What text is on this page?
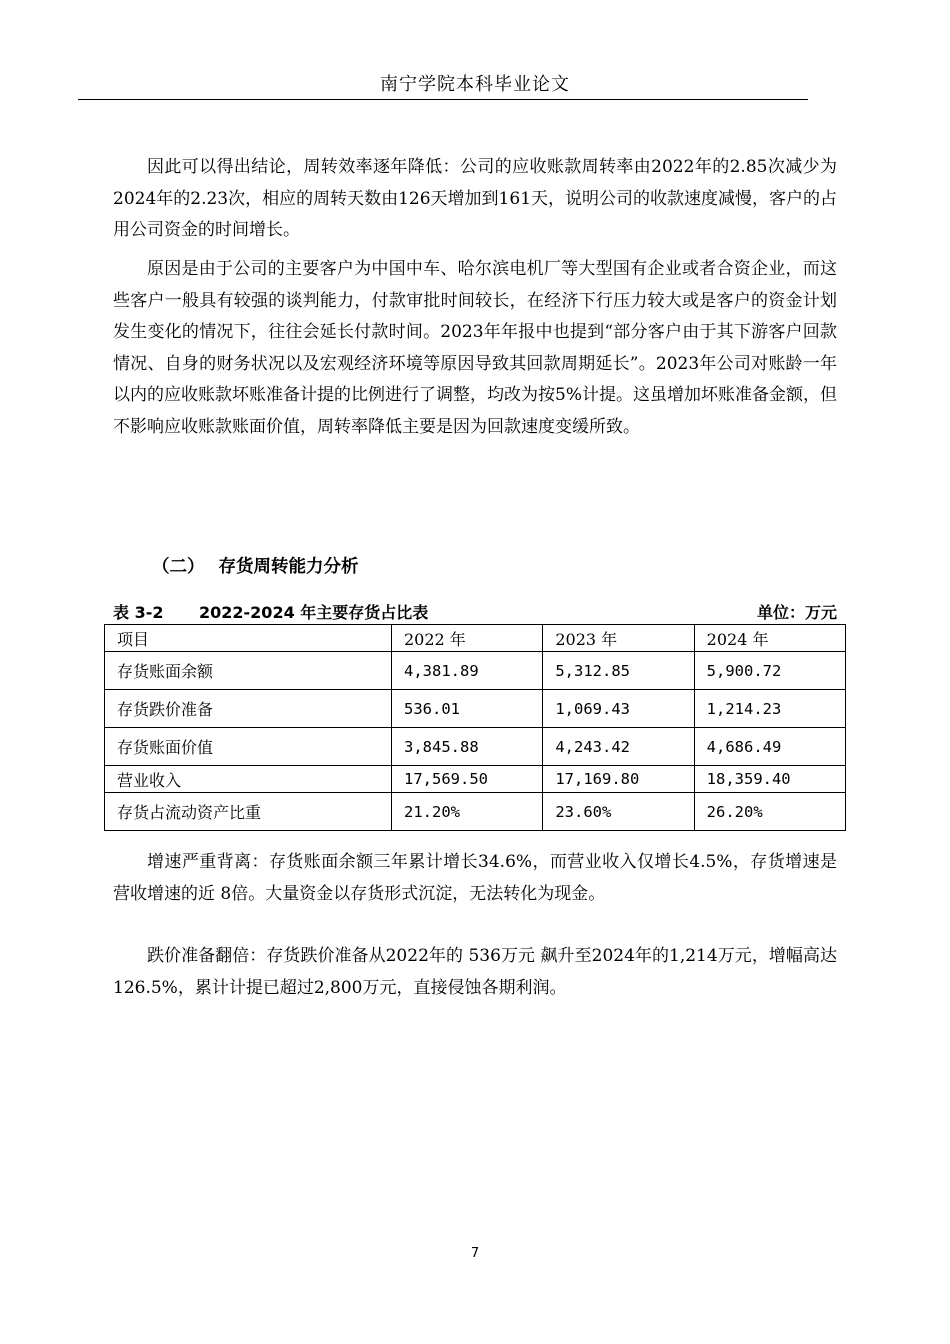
南宁学院本科毕业论文

因此可以得出结论，周转效率逐年降低：公司的应收账款周转率由2022年的2.85次减少为2024年的2.23次，相应的周转天数由126天增加到161天，说明公司的收款速度减慢，客户的占用公司资金的时间增长。

原因是由于公司的主要客户为中国中车、哈尔滨电机厂等大型国有企业或者合资企业，而这些客户一般具有较强的谈判能力，付款审批时间较长，在经济下行压力较大或是客户的资金计划发生变化的情况下，往往会延长付款时间。2023年年报中也提到“部分客户由于其下游客户回款情况、自身的财务状况以及宏观经济环境等原因导致其回款周期延长”。2023年公司对账龄一年以内的应收账款坏账准备计提的比例进行了调整，均改为按5%计提。这虽增加坏账准备金额，但不影响应收账款账面价值，周转率降低主要是因为回款速度变缓所致。

（二） 存货周转能力分析
表 3-2 2022-2024 年主要存货占比表	单位：万元
项目	2022 年	2023 年	2024 年
存货账面余额	4,381.89	5,312.85	5,900.72
存货跌价准备	536.01	1,069.43	1,214.23
存货账面价值	3,845.88	4,243.42	4,686.49
营业收入	17,569.50	17,169.80	18,359.40
存货占流动资产比重	21.20%	23.60%	26.20%

增速严重背离：存货账面余额三年累计增长34.6%，而营业收入仅增长4.5%，存货增速是营收增速的近 8倍。大量资金以存货形式沉淀，无法转化为现金。

跌价准备翻倍：存货跌价准备从2022年的 536万元 飙升至2024年的1,214万元，增幅高达126.5%，累计计提已超过2,800万元，直接侵蚀各期利润。

7
